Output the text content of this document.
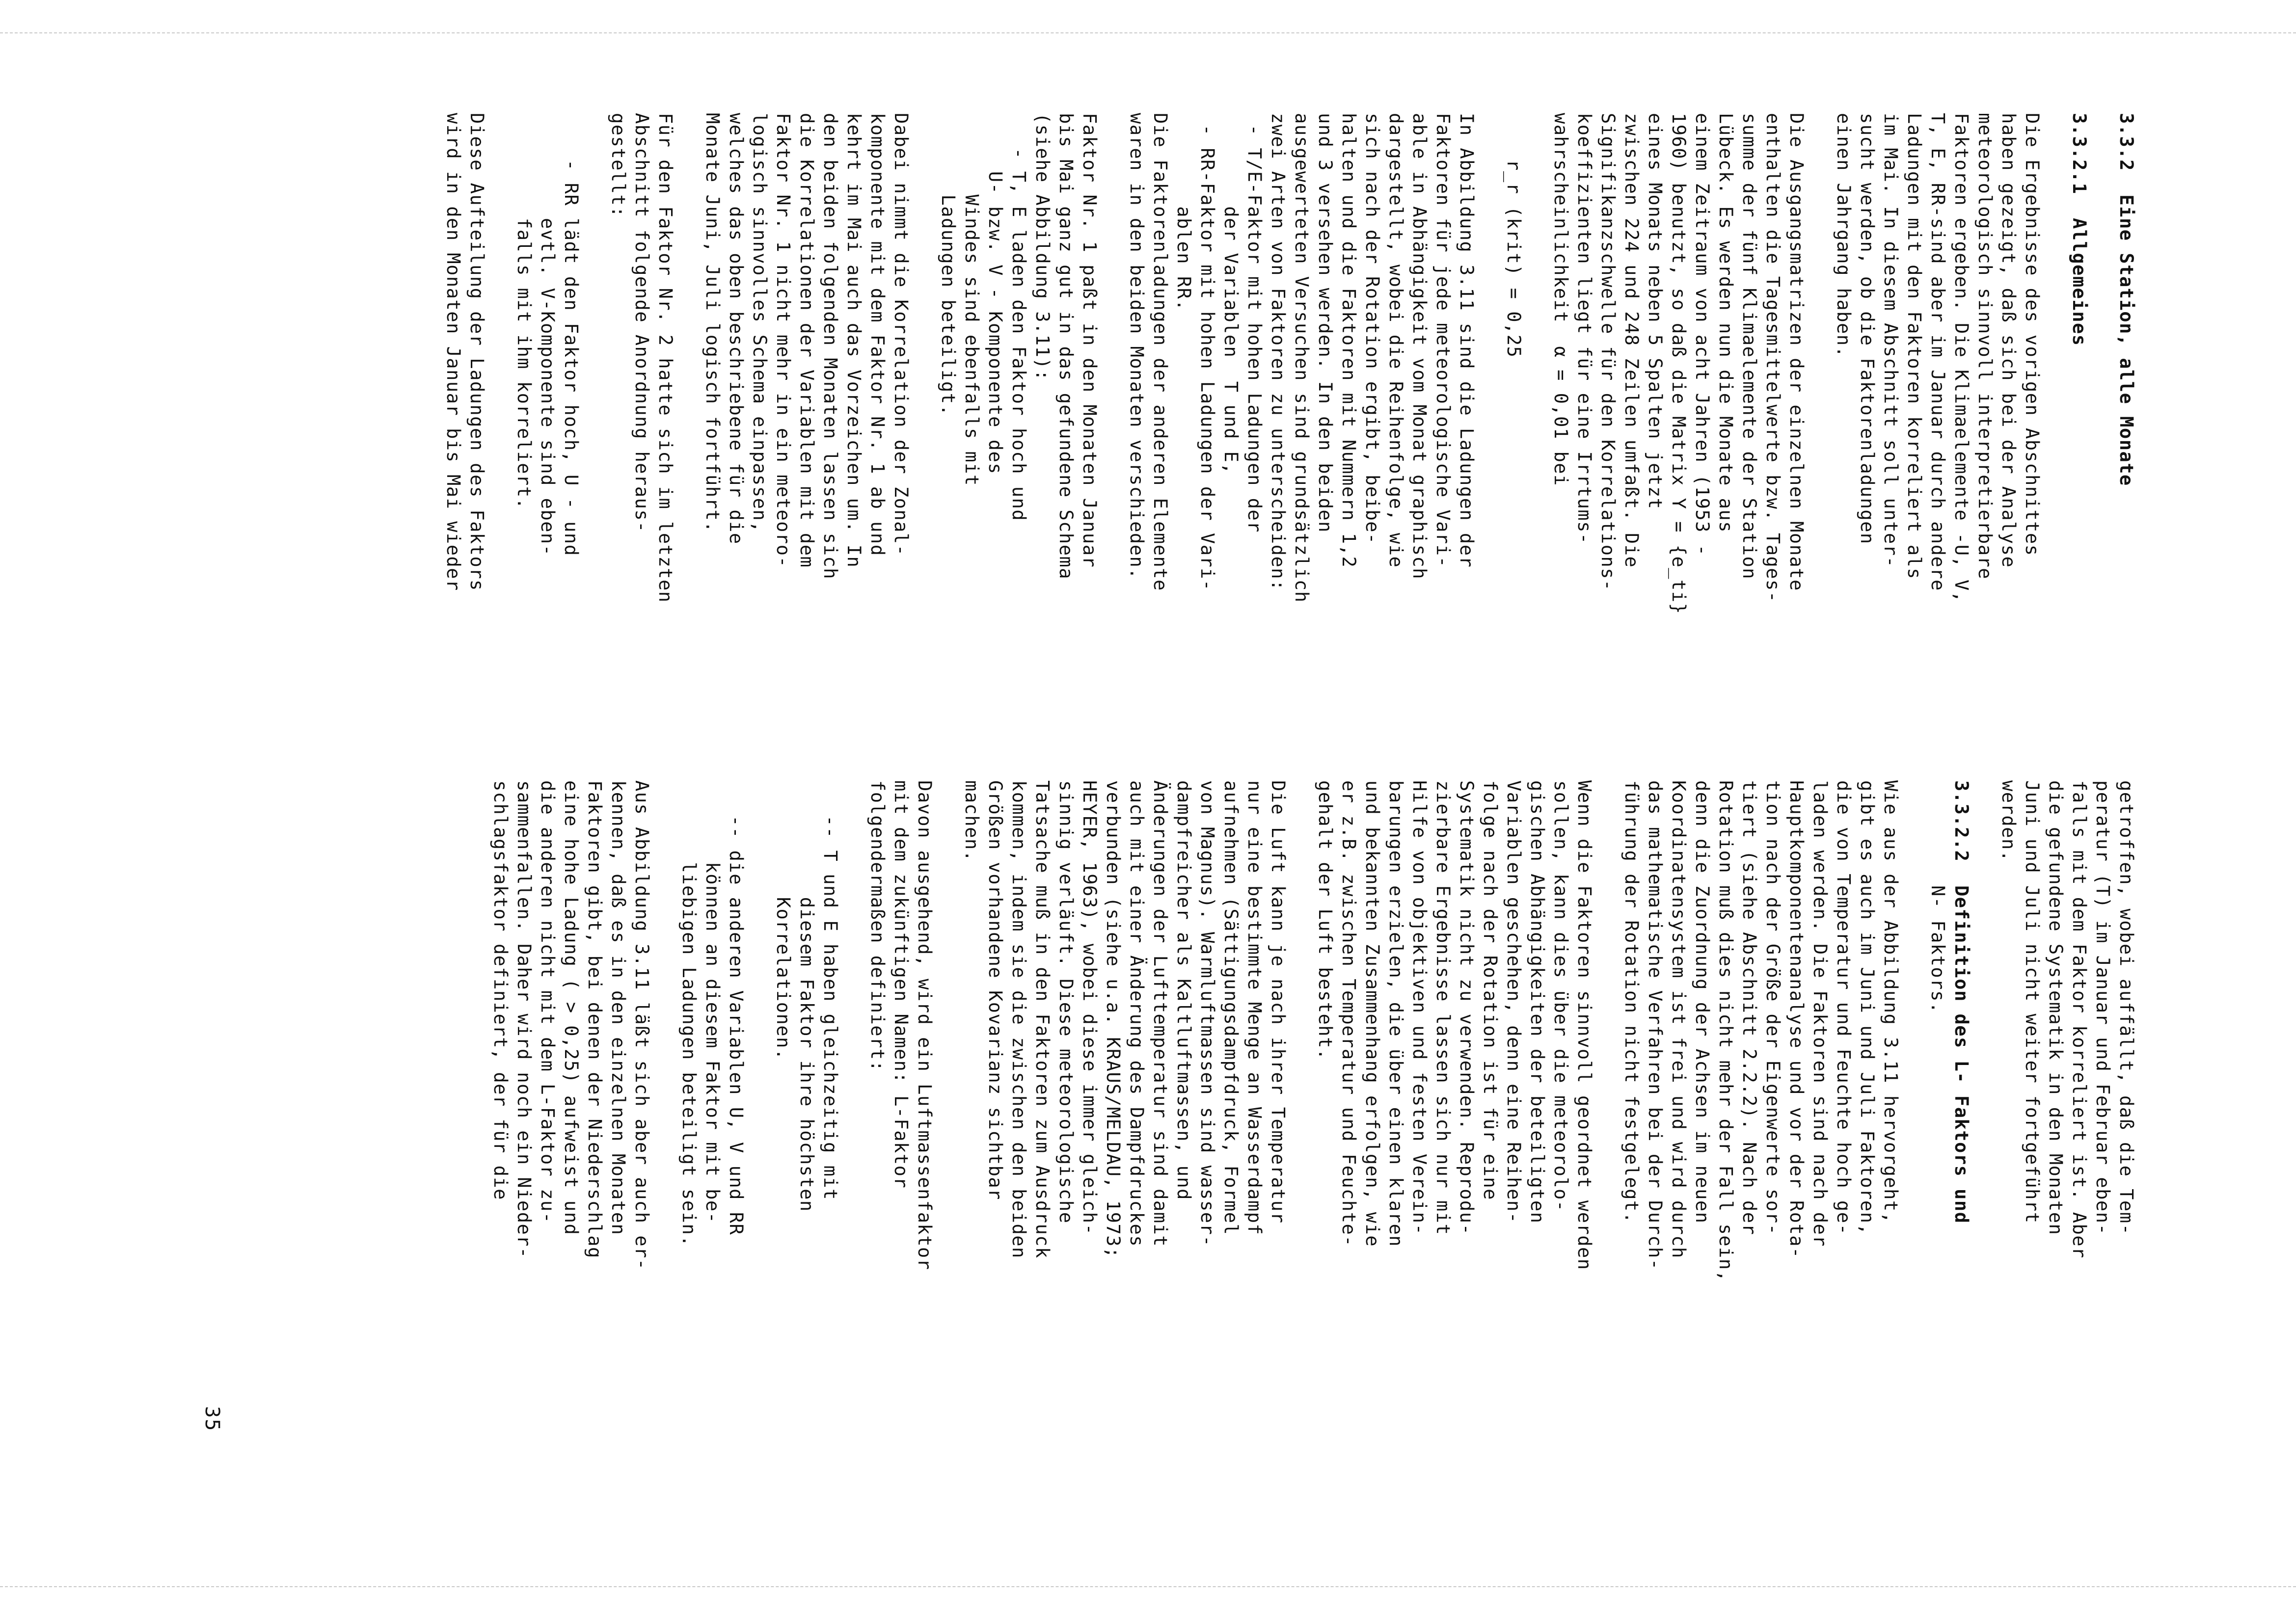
3.3.2  Eine Station, alle Monate

3.3.2.1  Allgemeines

Die Ergebnisse des vorigen Abschnittes
haben gezeigt, daß sich bei der Analyse
meteorologisch sinnvoll interpretierbare
Faktoren ergeben. Die Klimaelemente -U, V,
T, E, RR-sind aber im Januar durch andere
Ladungen mit den Faktoren korreliert als
im Mai. In diesem Abschnitt soll unter-
sucht werden, ob die Faktorenladungen
einen Jahrgang haben.

Die Ausgangsmatrizen der einzelnen Monate
enthalten die Tagesmittelwerte bzw. Tages-
summe der fünf Klimaelemente der Station
Lübeck. Es werden nun die Monate aus
einem Zeitraum von acht Jahren (1953 -
1960) benutzt, so daß die Matrix Y = {e_ti}
eines Monats neben 5 Spalten jetzt
zwischen 224 und 248 Zeilen umfaßt. Die
Signifikanzschwelle für den Korrelations-
koeffizienten liegt für eine Irrtums-
wahrscheinlichkeit  α = 0,01 bei

r_r (krit) = 0,25

In Abbildung 3.11 sind die Ladungen der
Faktoren für jede meteorologische Vari-
able in Abhängigkeit vom Monat graphisch
dargestellt, wobei die Reihenfolge, wie
sich nach der Rotation ergibt, beibe-
halten und die Faktoren mit Nummern 1,2
und 3 versehen werden. In den beiden
ausgewerteten Versuchen sind grundsätzlich
zwei Arten von Faktoren zu unterscheiden:
- T/E-Faktor mit hohen Ladungen der
der Variablen  T und E,
- RR-Faktor mit hohen Ladungen der Vari-
ablen RR.
Die Faktorenladungen der anderen Elemente
waren in den beiden Monaten verschieden.

Faktor Nr. 1 paßt in den Monaten Januar
bis Mai ganz gut in das gefundene Schema
(siehe Abbildung 3.11):
- T, E laden den Faktor hoch und
U- bzw. V - Komponente des
Windes sind ebenfalls mit
Ladungen beteiligt.

Dabei nimmt die Korrelation der Zonal-
komponente mit dem Faktor Nr. 1 ab und
kehrt im Mai auch das Vorzeichen um. In
den beiden folgenden Monaten lassen sich
die Korrelationen der Variablen mit dem
Faktor Nr. 1 nicht mehr in ein meteoro-
logisch sinnvolles Schema einpassen,
welches das oben beschriebene für die
Monate Juni, Juli logisch fortführt.

Für den Faktor Nr. 2 hatte sich im letzten
Abschnitt folgende Anordnung heraus-
gestellt:

- RR lädt den Faktor hoch, U - und
evtl. V-Komponente sind eben-
falls mit ihm korreliert.

Diese Aufteilung der Ladungen des Faktors
wird in den Monaten Januar bis Mai wieder
getroffen, wobei auffällt, daß die Tem-
peratur (T) im Januar und Februar eben-
falls mit dem Faktor korreliert ist. Aber
die gefundene Systematik in den Monaten
Juni und Juli nicht weiter fortgeführt
werden.

3.3.2.2  Definition des L- Faktors und
N- Faktors.

Wie aus der Abbildung 3.11 hervorgeht,
gibt es auch im Juni und Juli Faktoren,
die von Temperatur und Feuchte hoch ge-
laden werden. Die Faktoren sind nach der
Hauptkomponentenanalyse und vor der Rota-
tion nach der Größe der Eigenwerte sor-
tiert (siehe Abschnitt 2.2.2). Nach der
Rotation muß dies nicht mehr der Fall sein,
denn die Zuordnung der Achsen im neuen
Koordinatensystem ist frei und wird durch
das mathematische Verfahren bei der Durch-
führung der Rotation nicht festgelegt.

Wenn die Faktoren sinnvoll geordnet werden
sollen, kann dies über die meteorolo-
gischen Abhängigkeiten der beteiligten
Variablen geschehen, denn eine Reihen-
folge nach der Rotation ist für eine
Systematik nicht zu verwenden. Reprodu-
zierbare Ergebnisse lassen sich nur mit
Hilfe von objektiven und festen Verein-
barungen erzielen, die über einen klaren
und bekannten Zusammenhang erfolgen, wie
er z.B. zwischen Temperatur und Feuchte-
gehalt der Luft besteht.

Die Luft kann je nach ihrer Temperatur
nur eine bestimmte Menge an Wasserdampf
aufnehmen (Sättigungsdampfdruck, Formel
von Magnus). Warmluftmassen sind wasser-
dampfreicher als Kaltluftmassen, und
Änderungen der Lufttemperatur sind damit
auch mit einer Änderung des Dampfdruckes
verbunden (siehe u.a. KRAUS/MELDAU, 1973;
HEYER, 1963), wobei diese immer gleich-
sinnig verläuft. Diese meteorologische
Tatsache muß in den Faktoren zum Ausdruck
kommen, indem sie die zwischen den beiden
Größen vorhandene Kovarianz sichtbar
machen.

Davon ausgehend, wird ein Luftmassenfaktor
mit dem zukünftigen Namen: L-Faktor
folgendermaßen definiert:

-- T und E haben gleichzeitig mit
diesem Faktor ihre höchsten
Korrelationen.

-- die anderen Variablen U, V und RR
können an diesem Faktor mit be-
liebigen Ladungen beteiligt sein.

Aus Abbildung 3.11 läßt sich aber auch er-
kennen, daß es in den einzelnen Monaten
Faktoren gibt, bei denen der Niederschlag
eine hohe Ladung ( > 0,25) aufweist und
die anderen nicht mit dem L-Faktor zu-
sammenfallen. Daher wird noch ein Nieder-
schlagsfaktor definiert, der für die
35
